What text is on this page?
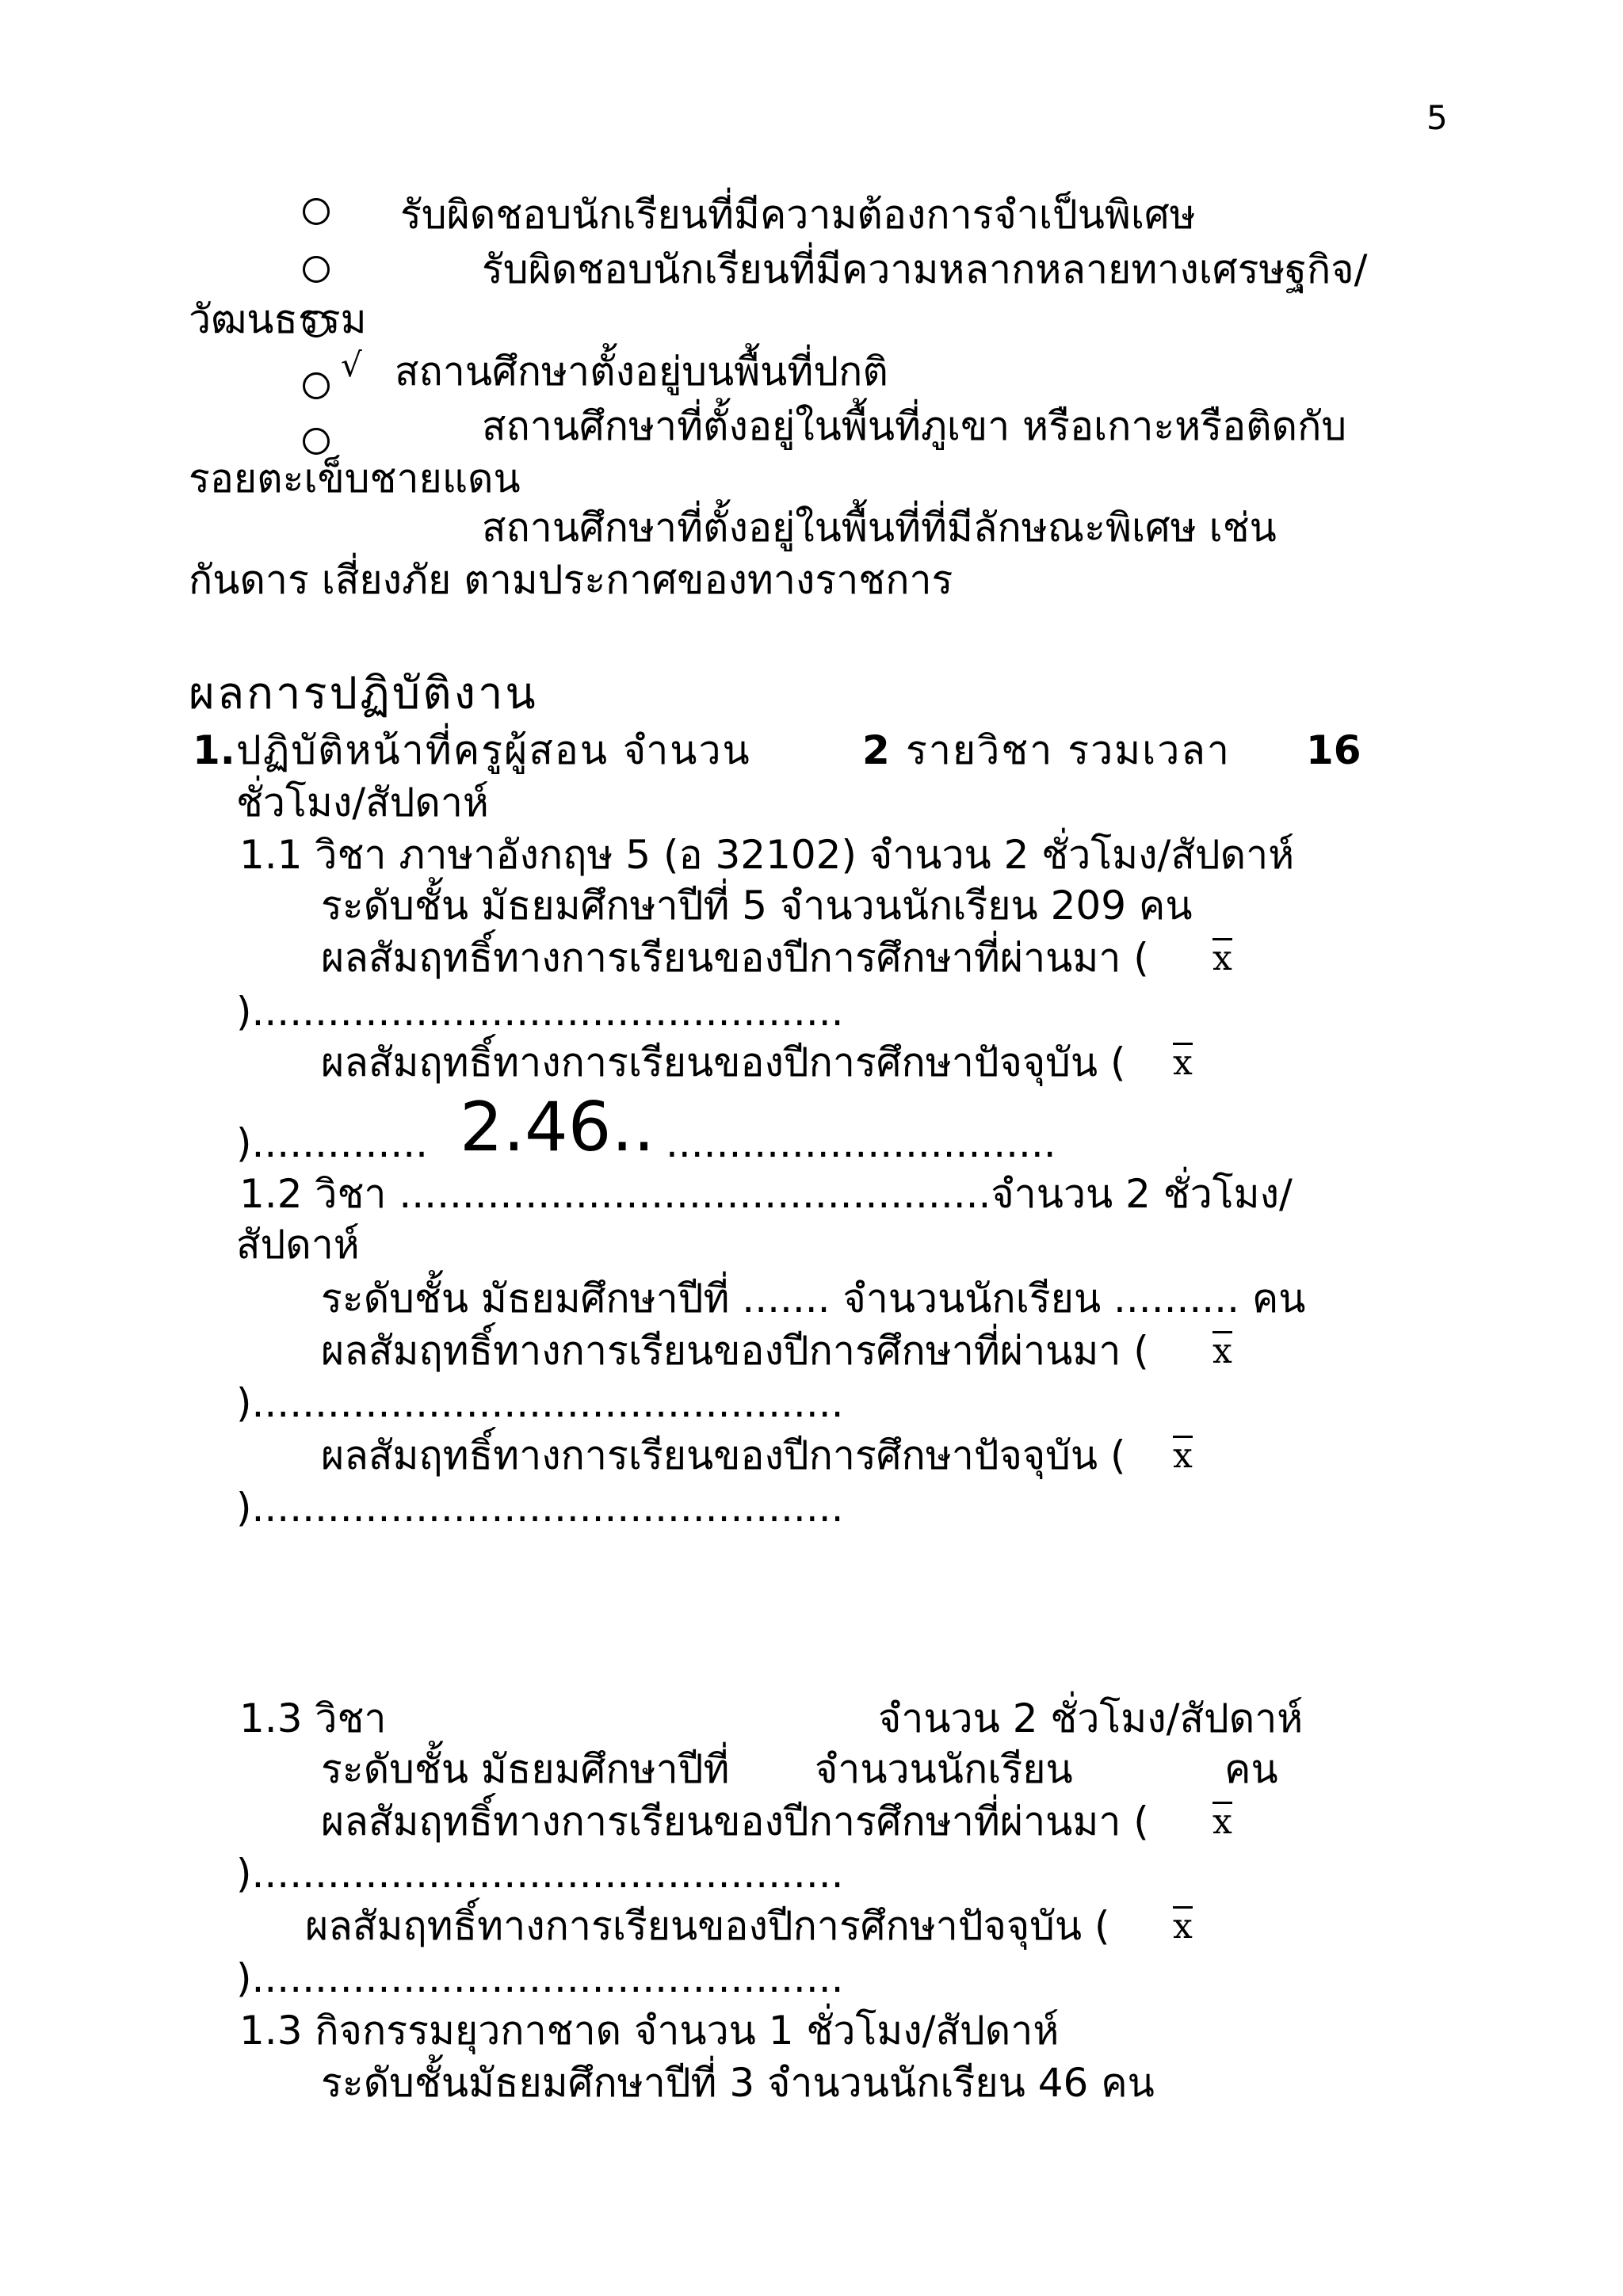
5
รับผิดชอบนักเรียนที่มีความต้องการจำเป็นพิเศษ
รับผิดชอบนักเรียนที่มีความหลากหลายทางเศรษฐกิจ/
วัฒนธรรม
√ สถานศึกษาตั้งอยู่บนพื้นที่ปกติ
สถานศึกษาที่ตั้งอยู่ในพื้นที่ภูเขา หรือเกาะหรือติดกับ
รอยตะเข็บชายแดน
สถานศึกษาที่ตั้งอยู่ในพื้นที่ที่มีลักษณะพิเศษ เช่น
กันดาร เสี่ยงภัย ตามประกาศของทางราชการ
ผลการปฏิบัติงาน
1. ปฏิบัติหน้าที่ครูผู้สอน จำนวน	2 รายวิชา รวมเวลา 16
ชั่วโมง/สัปดาห์
1.1 วิชา ภาษาอังกฤษ 5 (อ 32102) จำนวน 2 ชั่วโมง/สัปดาห์
ระดับชั้น มัธยมศึกษาปีที่ 5 จำนวนนักเรียน 209 คน
ผลสัมฤทธิ์ทางการเรียนของปีการศึกษาที่ผ่านมา ( x
)...............................................
ผลสัมฤทธิ์ทางการเรียนของปีการศึกษาปัจจุบัน ( x
).............. 2.46.. ...............................
1.2 วิชา ...............................................จำนวน 2 ชั่วโมง/
สัปดาห์
ระดับชั้น มัธยมศึกษาปีที่ ....... จำนวนนักเรียน .......... คน
ผลสัมฤทธิ์ทางการเรียนของปีการศึกษาที่ผ่านมา ( x
)...............................................
ผลสัมฤทธิ์ทางการเรียนของปีการศึกษาปัจจุบัน ( x
)...............................................
1.3 วิชา	จำนวน 2 ชั่วโมง/สัปดาห์
ระดับชั้น มัธยมศึกษาปีที่ จำนวนนักเรียน	คน
ผลสัมฤทธิ์ทางการเรียนของปีการศึกษาที่ผ่านมา ( x
)...............................................
ผลสัมฤทธิ์ทางการเรียนของปีการศึกษาปัจจุบัน ( x
)...............................................
1.3 กิจกรรมยุวกาชาด จำนวน 1 ชั่วโมง/สัปดาห์
ระดับชั้นมัธยมศึกษาปีที่ 3 จำนวนนักเรียน 46 คน
